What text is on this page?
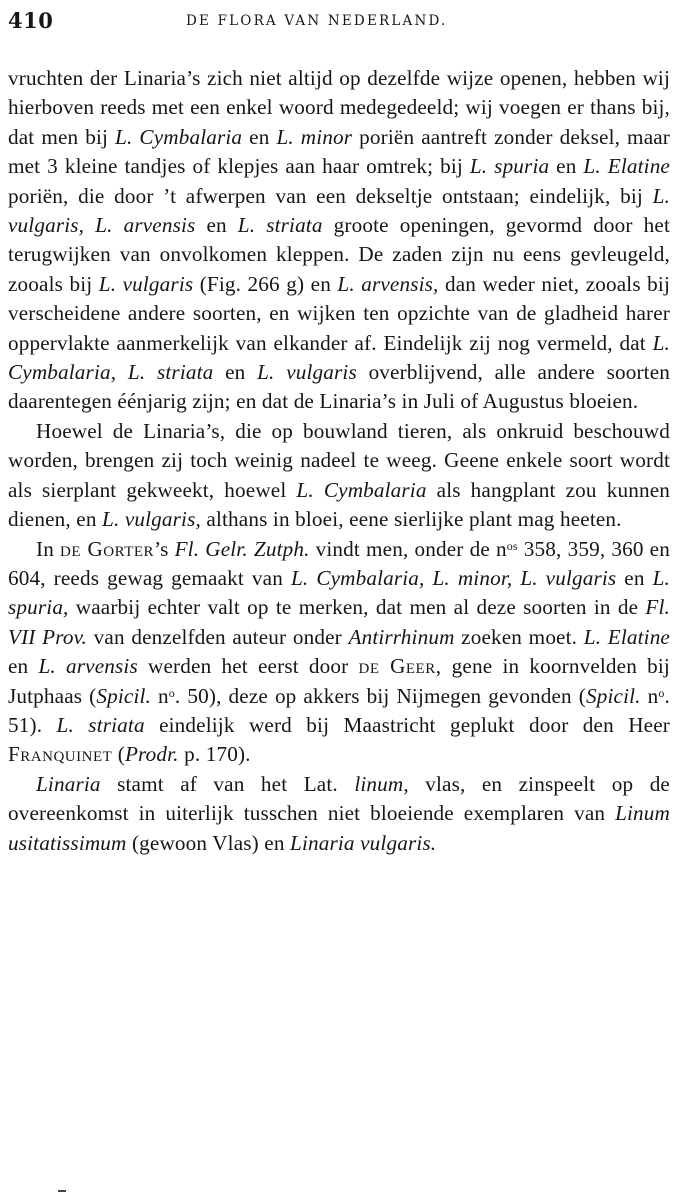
410	DE FLORA VAN NEDERLAND.

vruchten der Linaria’s zich niet altijd op dezelfde wijze openen, hebben wij hierboven reeds met een enkel woord medegedeeld; wij voegen er thans bij, dat men bij L. Cymbalaria en L. minor poriën aantreft zonder deksel, maar met 3 kleine tandjes of klepjes aan haar omtrek; bij L. spuria en L. Elatine poriën, die door ’t afwerpen van een dekseltje ontstaan; eindelijk, bij L. vulgaris, L. arvensis en L. striata groote openingen, gevormd door het terugwijken van onvolkomen kleppen. De zaden zijn nu eens gevleugeld, zooals bij L. vulgaris (Fig. 266 g) en L. arvensis, dan weder niet, zooals bij verscheidene andere soorten, en wijken ten opzichte van de gladheid harer oppervlakte aanmerkelijk van elkander af. Eindelijk zij nog vermeld, dat L. Cymbalaria, L. striata en L. vulgaris overblijvend, alle andere soorten daarentegen éénjarig zijn; en dat de Linaria’s in Juli of Augustus bloeien.

Hoewel de Linaria’s, die op bouwland tieren, als onkruid beschouwd worden, brengen zij toch weinig nadeel te weeg. Geene enkele soort wordt als sierplant gekweekt, hoewel L. Cymbalaria als hangplant zou kunnen dienen, en L. vulgaris, althans in bloei, eene sierlijke plant mag heeten.

In de Gorter’s Fl. Gelr. Zutph. vindt men, onder de $n^{os}$ 358, 359, 360 en 604, reeds gewag gemaakt van L. Cymbalaria, L. minor, L. vulgaris en L. spuria, waarbij echter valt op te merken, dat men al deze soorten in de Fl. VII Prov. van denzelfden auteur onder Antirrhinum zoeken moet. L. Elatine en L. arvensis werden het eerst door de Geer, gene in koornvelden bij Jutphaas (Spicil. $n^o$. 50), deze op akkers bij Nijmegen gevonden (Spicil. $n^o$. 51). L. striata eindelijk werd bij Maastricht geplukt door den Heer Franquinet (Prodr. p. 170).

Linaria stamt af van het Lat. linum, vlas, en zinspeelt op de overeenkomst in uiterlijk tusschen niet bloeiende exemplaren van Linum usitatissimum (gewoon Vlas) en Linaria vulgaris.
